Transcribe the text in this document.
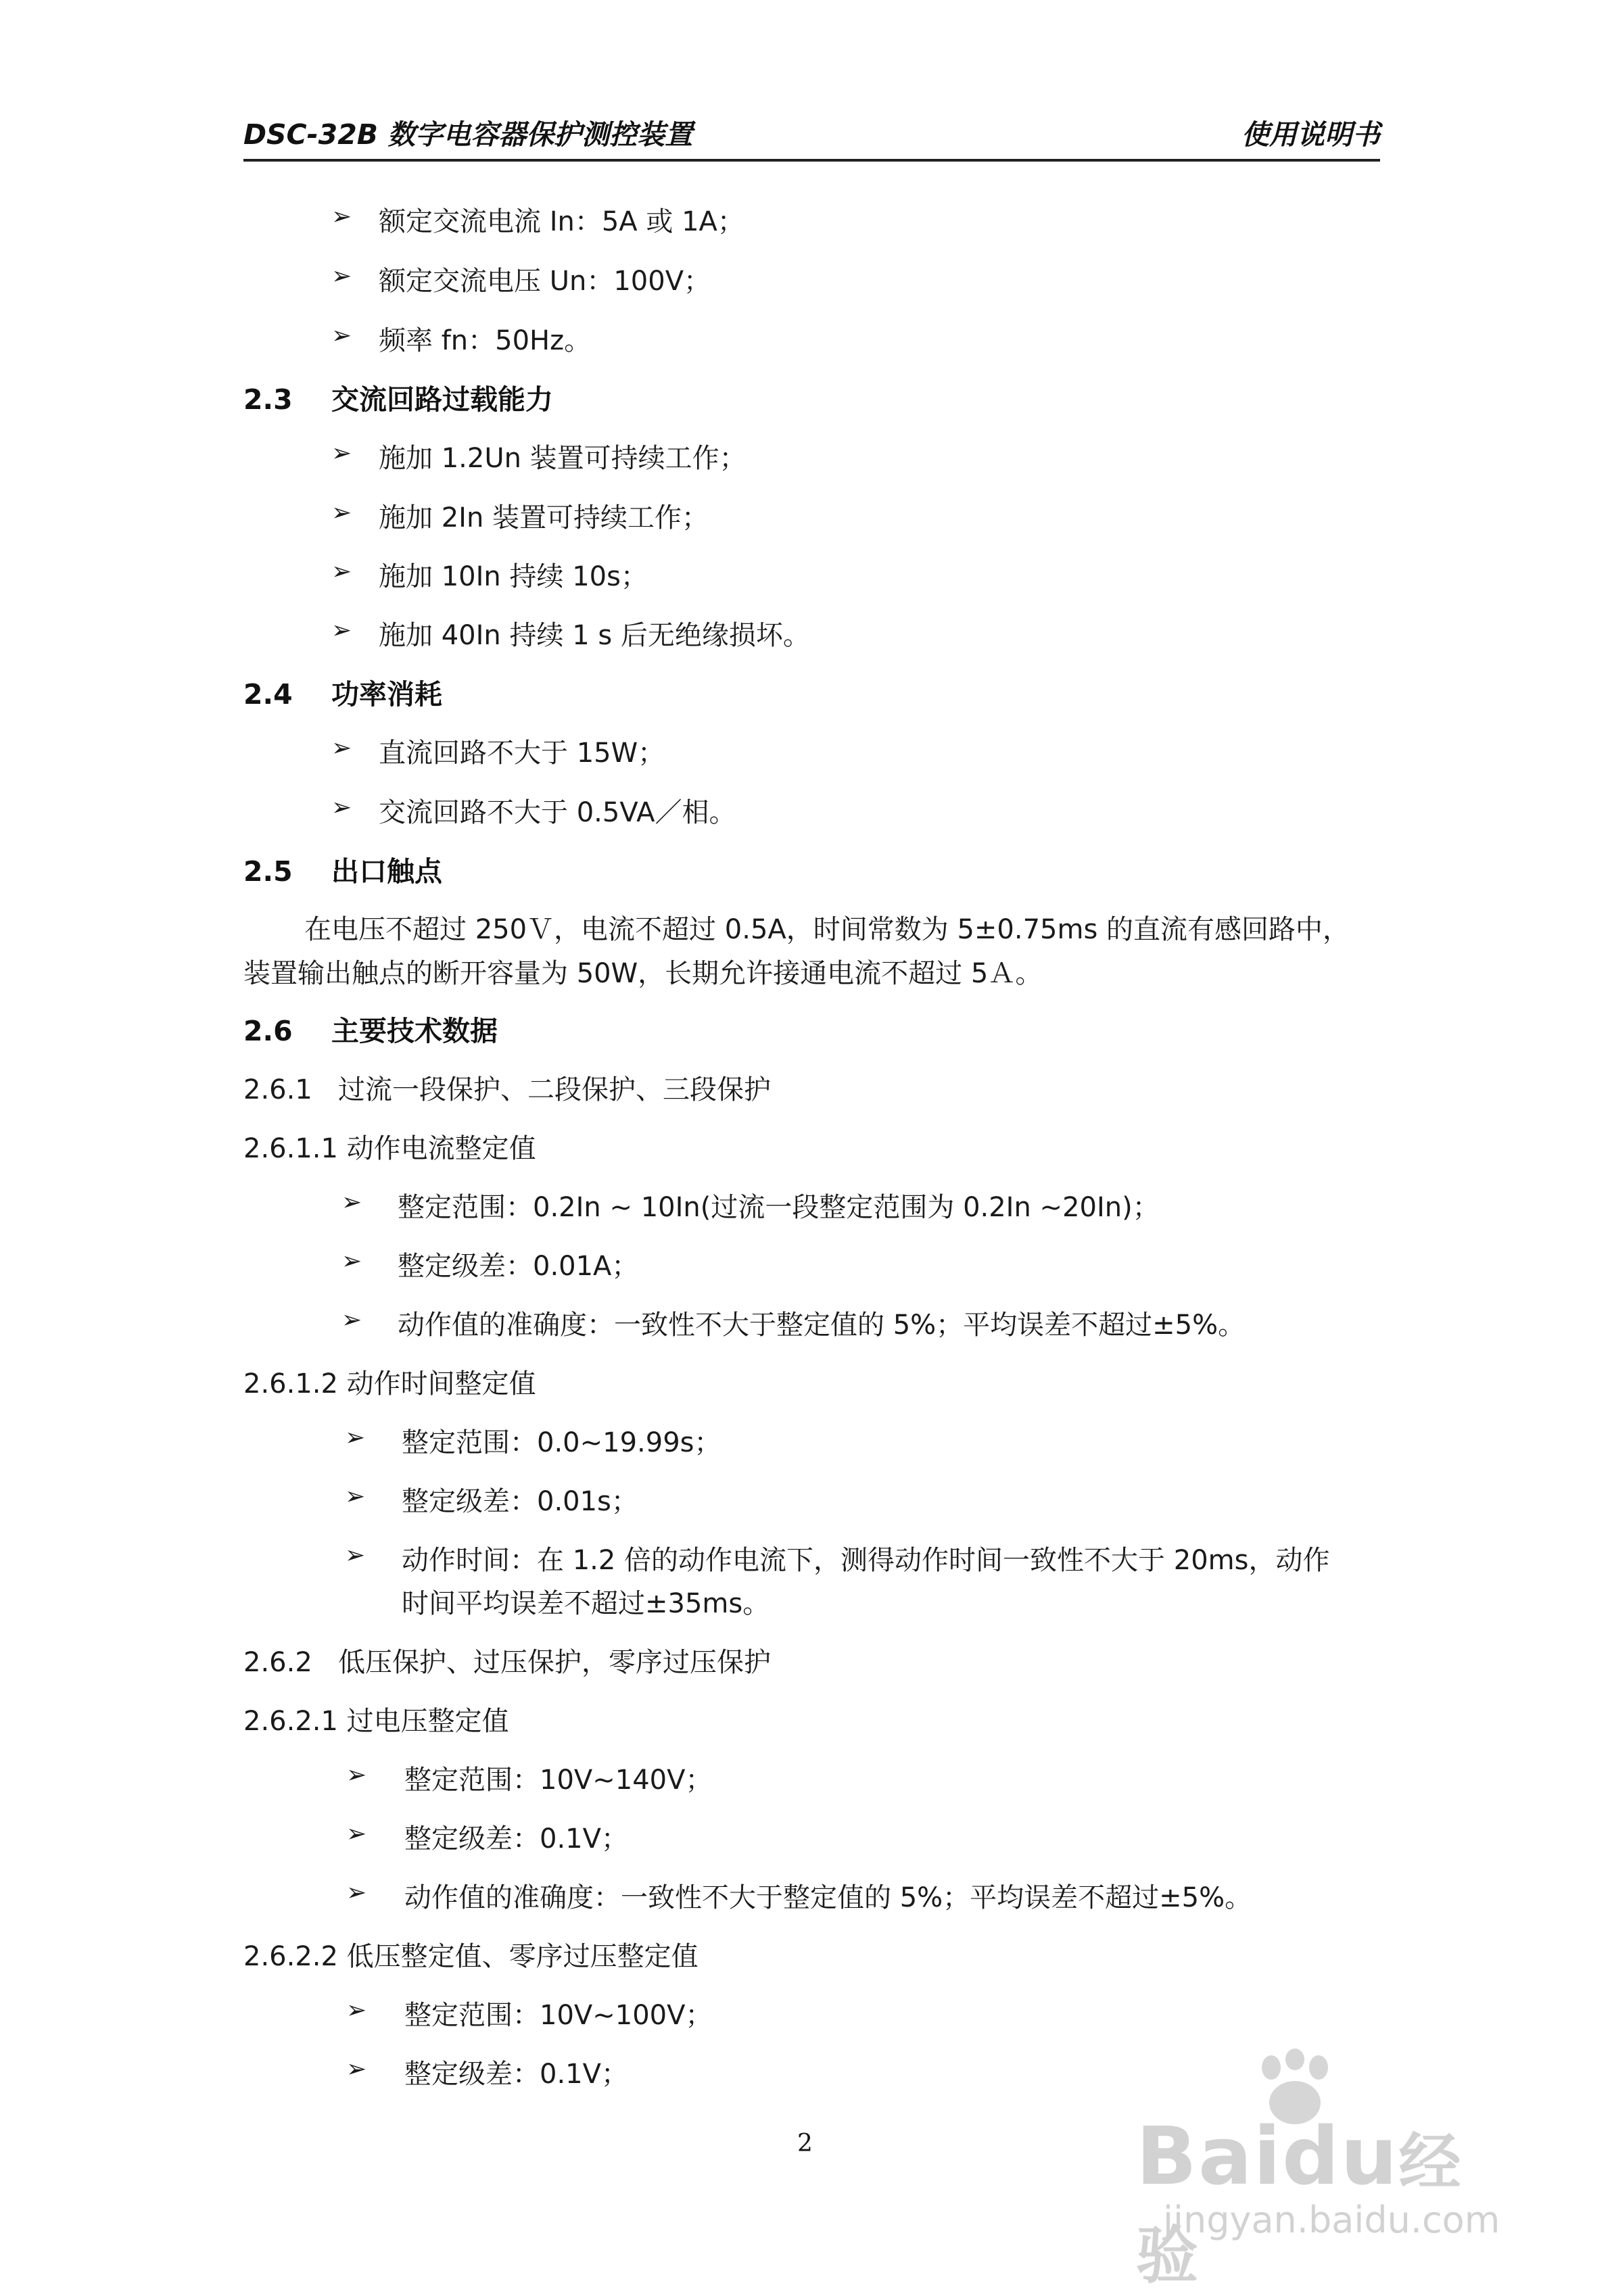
DSC-32B 数字电容器保护测控装置	使用说明书
➢ 额定交流电流 In：5A 或 1A；
➢ 额定交流电压 Un：100V；
➢ 频率 fn：50Hz。
2.3 交流回路过载能力
➢ 施加 1.2Un 装置可持续工作；
➢ 施加 2In 装置可持续工作；
➢ 施加 10In 持续 10s；
➢ 施加 40In 持续 1 s 后无绝缘损坏。
2.4 功率消耗
➢ 直流回路不大于 15W；
➢ 交流回路不大于 0.5VA／相。
2.5 出口触点
在电压不超过 250Ｖ，电流不超过 0.5A，时间常数为 5±0.75ms 的直流有感回路中，
装置输出触点的断开容量为 50W，长期允许接通电流不超过 5Ａ。
2.6 主要技术数据
2.6.1 过流一段保护、二段保护、三段保护
2.6.1.1 动作电流整定值
➢ 整定范围：0.2In ~ 10In(过流一段整定范围为 0.2In ~20In)；
➢ 整定级差：0.01A；
➢ 动作值的准确度：一致性不大于整定值的 5%；平均误差不超过±5%。
2.6.1.2 动作时间整定值
➢ 整定范围：0.0~19.99s；
➢ 整定级差：0.01s；
➢ 动作时间：在 1.2 倍的动作电流下，测得动作时间一致性不大于 20ms，动作
时间平均误差不超过±35ms。
2.6.2 低压保护、过压保护，零序过压保护
2.6.2.1 过电压整定值
➢ 整定范围：10V~140V；
➢ 整定级差：0.1V；
➢ 动作值的准确度：一致性不大于整定值的 5%；平均误差不超过±5%。
2.6.2.2 低压整定值、零序过压整定值
➢ 整定范围：10V~100V；
➢ 整定级差：0.1V；
2	Baidu经验
jingyan.baidu.com
